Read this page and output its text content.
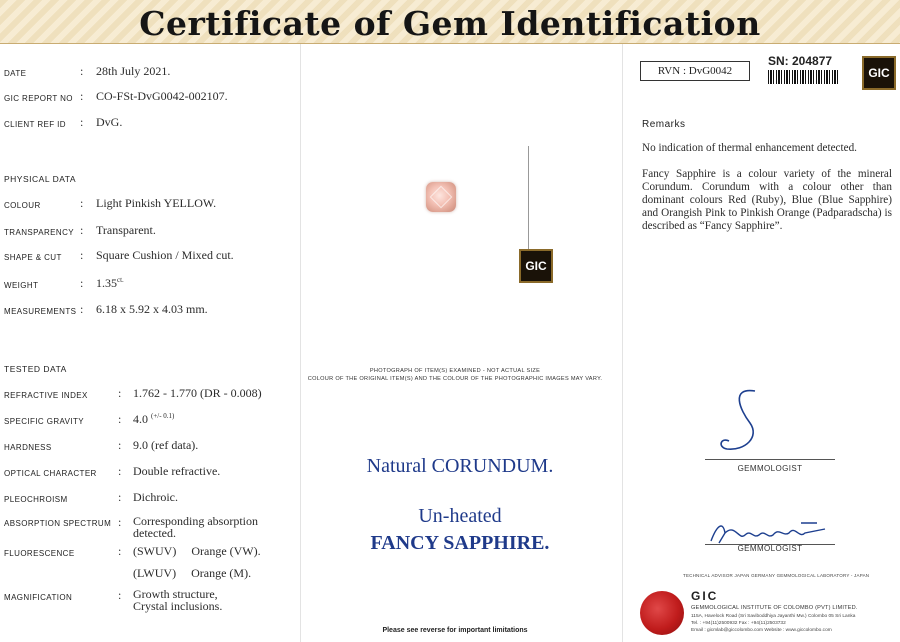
Certificate of Gem Identification
DATE	: 28th July 2021.
GIC REPORT NO : CO-FSt-DvG0042-002107.
CLIENT REF ID : DvG.
PHYSICAL DATA
COLOUR	: Light Pinkish YELLOW.
TRANSPARENCY : Transparent.
SHAPE & CUT : Square Cushion / Mixed cut.
WEIGHT	: $1.35^{ct.}$
MEASUREMENTS : 6.18 x 5.92 x 4.03 mm.
TESTED DATA
REFRACTIVE INDEX	: 1.762 - 1.770 (DR - 0.008)
SPECIFIC GRAVITY	: 4.0 $^{(+/- 0.1)}$
HARDNESS	: 9.0 (ref data).
OPTICAL CHARACTER : Double refractive.
PLEOCHROISM	: Dichroic.
ABSORPTION SPECTRUM : Corresponding absorption detected.
FLUORESCENCE	: (SWUV)     Orange (VW).
(LWUV)     Orange (M).
MAGNIFICATION	: Growth structure, Crystal inclusions.
GIC
PHOTOGRAPH OF ITEM(S) EXAMINED - NOT ACTUAL SIZE
COLOUR OF THE ORIGINAL ITEM(S) AND THE COLOUR OF THE PHOTOGRAPHIC IMAGES MAY VARY.
Natural CORUNDUM.
Un-heated
FANCY SAPPHIRE.
Please see reverse for important limitations
RVN : DvG0042
SN: 204877
GIC
Remarks
No indication of thermal enhancement detected.
Fancy Sapphire is a colour variety of the mineral Corundum. Corundum with a colour other than dominant colours Red (Ruby), Blue (Blue Sapphire) and Orangish Pink to Pinkish Orange (Padparadscha) is described as “Fancy Sapphire”.
GEMMOLOGIST
GEMMOLOGIST
TECHNICAL ADVISOR JAPAN GERMANY GEMMOLOGICAL LABORATORY - JAPAN
GIC
GEMMOLOGICAL INSTITUTE OF COLOMBO (PVT) LIMITED.
115A, Havelock Road (Sri Saviboddhiya Jayanthi Mw.) Colombo 05 Sri Lanka
Tel. : +94(11)2500932 Fax : +94(11)2503732
Email : gicmlab@giccolombo.com Website : www.giccolombo.com
